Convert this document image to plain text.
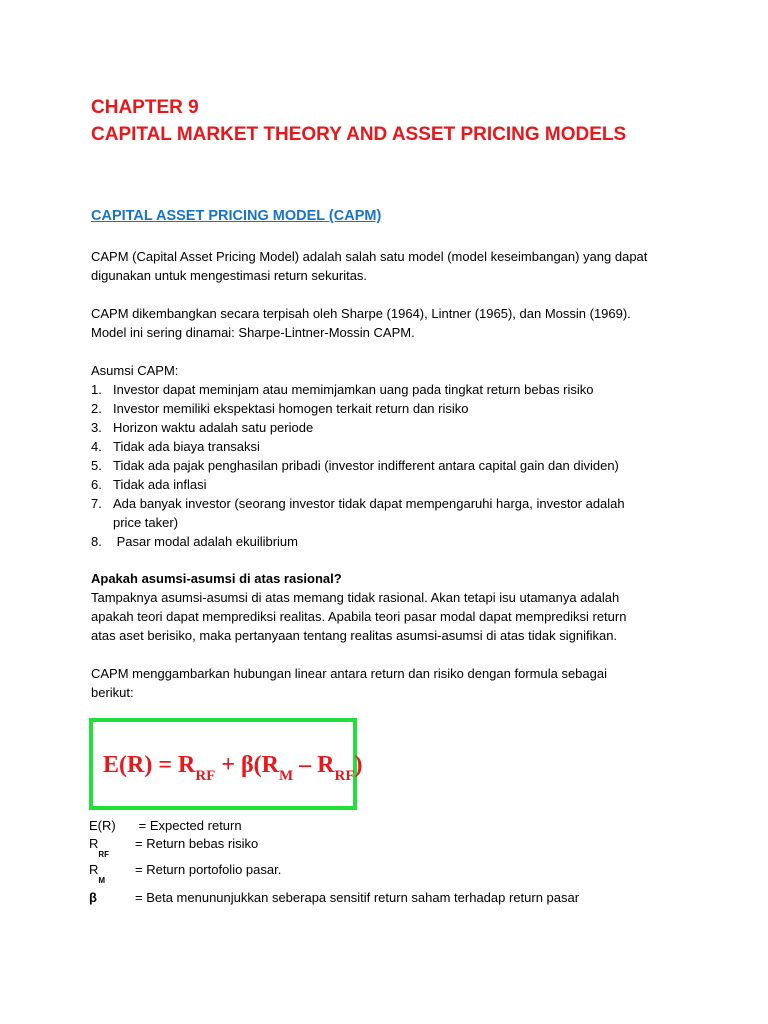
CHAPTER 9
CAPITAL MARKET THEORY AND ASSET PRICING MODELS
CAPITAL ASSET PRICING MODEL (CAPM)
CAPM (Capital Asset Pricing Model) adalah salah satu model (model keseimbangan) yang dapat
digunakan untuk mengestimasi return sekuritas.
CAPM dikembangkan secara terpisah oleh Sharpe (1964), Lintner (1965), dan Mossin (1969).
Model ini sering dinamai: Sharpe-Lintner-Mossin CAPM.
Asumsi CAPM:
1. Investor dapat meminjam atau memimjamkan uang pada tingkat return bebas risiko
2. Investor memiliki ekspektasi homogen terkait return dan risiko
3. Horizon waktu adalah satu periode
4. Tidak ada biaya transaksi
5. Tidak ada pajak penghasilan pribadi (investor indifferent antara capital gain dan dividen)
6. Tidak ada inflasi
7. Ada banyak investor (seorang investor tidak dapat mempengaruhi harga, investor adalah
price taker)
8. Pasar modal adalah ekuilibrium
Apakah asumsi-asumsi di atas rasional?
Tampaknya asumsi-asumsi di atas memang tidak rasional. Akan tetapi isu utamanya adalah
apakah teori dapat memprediksi realitas. Apabila teori pasar modal dapat memprediksi return
atas aset berisiko, maka pertanyaan tentang realitas asumsi-asumsi di atas tidak signifikan.
CAPM menggambarkan hubungan linear antara return dan risiko dengan formula sebagai
berikut:
$E(R) = R_{RF} + \beta(R_M - R_{RF})$
E(R) = Expected return
$R_{RF}$
= Return bebas risiko
$R_M$
= Return portofolio pasar.
β	= Beta menununjukkan seberapa sensitif return saham terhadap return pasar
